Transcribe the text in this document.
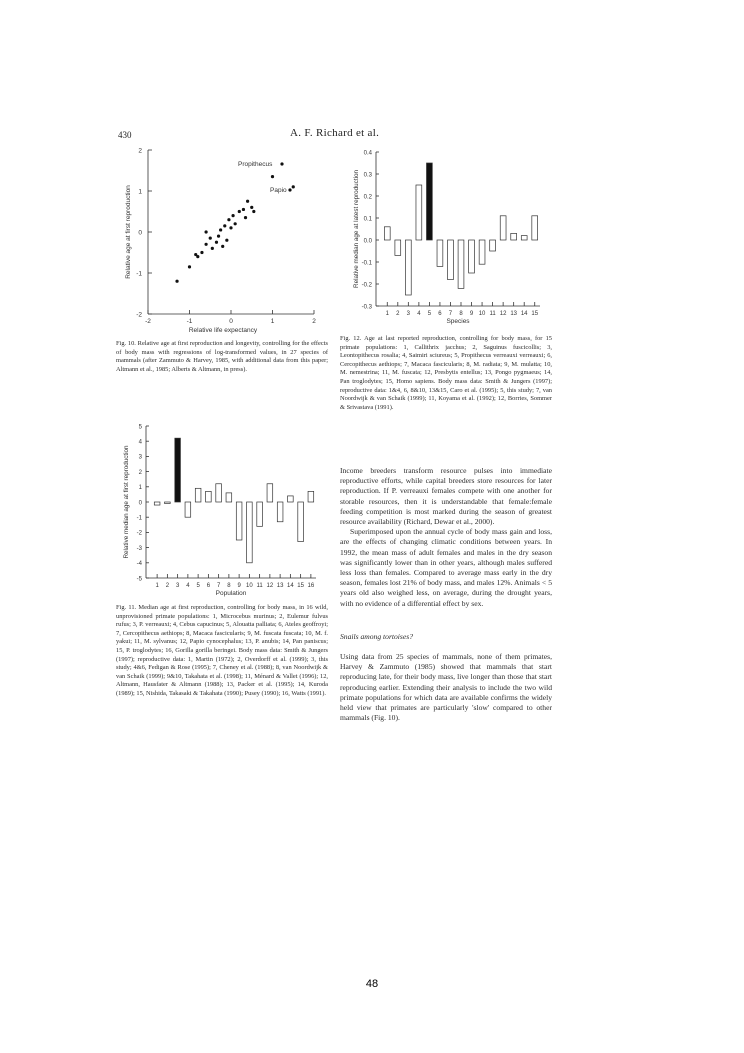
430	A. F. Richard et al.
2
1
0
-1
-2
-2	-1	0	1	2
Relative life expectancy
Relative age at first reproduction
Propithecus
Papio
0.4
0.3
0.2
0.1
0.0
-0.1
-0.2
-0.3
1 2 3 4 5 6 7 8 9 10 11 12 13 14 15
Species
Relative median age at latest reproduction
Fig. 10. Relative age at first reproduction and longevity, controlling for the effects of body mass with regressions of log-transformed values, in 27 species of mammals (after Zammuto & Harvey, 1985, with additional data from this paper; Altmann et al., 1985; Alberts & Altmann, in press).
Fig. 12. Age at last reported reproduction, controlling for body mass, for 15 primate populations: 1, Callithrix jacchus; 2, Saguinus fuscicollis; 3, Leontopithecus rosalia; 4, Saimiri sciureus; 5, Propithecus verreauxi verreauxi; 6, Cercopithecus aethiops; 7, Macaca fascicularis; 8, M. radiata; 9, M. mulatta; 10, M. nemestrina; 11, M. fuscata; 12, Presbytis entellus; 13, Pongo pygmaeus; 14, Pan troglodytes; 15, Homo sapiens. Body mass data: Smith & Jungers (1997); reproductive data: 1&4, 6, 8&10, 13&15, Caro et al. (1995); 5, this study; 7, van Noordwijk & van Schaik (1999); 11, Koyama et al. (1992); 12, Borries, Sommer & Srivastava (1991).
5
4
3
2
1
0
-1
-2
-3
-4
-5
1 2 3 4 5 6 7 8 9 10 11 12 13 14 15 16
Population
Relative median age at first reproduction
Fig. 11. Median age at first reproduction, controlling for body mass, in 16 wild, unprovisioned primate populations: 1, Microcebus murinus; 2, Eulemur fulvus rufus; 3, P. verreauxi; 4, Cebus capucinus; 5, Alouatta palliata; 6, Ateles geoffroyi; 7, Cercopithecus aethiops; 8, Macaca fascicularis; 9, M. fuscata fuscata; 10, M. f. yakui; 11, M. sylvanus; 12, Papio cynocephalus; 13, P. anubis; 14, Pan paniscus; 15, P. troglodytes; 16, Gorilla gorilla beringei. Body mass data: Smith & Jungers (1997); reproductive data: 1, Martin (1972); 2, Overdorff et al. (1999); 3, this study; 4&6, Fedigan & Rose (1995); 7, Cheney et al. (1988); 8, van Noordwijk & van Schaik (1999); 9&10, Takahata et al. (1998); 11, Ménard & Vallet (1996); 12, Altmann, Hausfater & Altmann (1988); 13, Packer et al. (1995); 14, Kuroda (1989); 15, Nishida, Takasaki & Takahata (1990); Pusey (1990); 16, Watts (1991).

Income breeders transform resource pulses into immediate reproductive efforts, while capital breeders store resources for later reproduction. If P. verreauxi females compete with one another for storable resources, then it is understandable that female:female feeding competition is most marked during the season of greatest resource availability (Richard, Dewar et al., 2000).

Superimposed upon the annual cycle of body mass gain and loss, are the effects of changing climatic conditions between years. In 1992, the mean mass of adult females and males in the dry season was significantly lower than in other years, although males suffered less loss than females. Compared to average mass early in the dry season, females lost 21% of body mass, and males 12%. Animals < 5 years old also weighed less, on average, during the drought years, with no evidence of a differential effect by sex.

Snails among tortoises?

Using data from 25 species of mammals, none of them primates, Harvey & Zammuto (1985) showed that mammals that start reproducing late, for their body mass, live longer than those that start reproducing earlier. Extending their analysis to include the two wild primate populations for which data are available confirms the widely held view that primates are particularly 'slow' compared to other mammals (Fig. 10).

48
